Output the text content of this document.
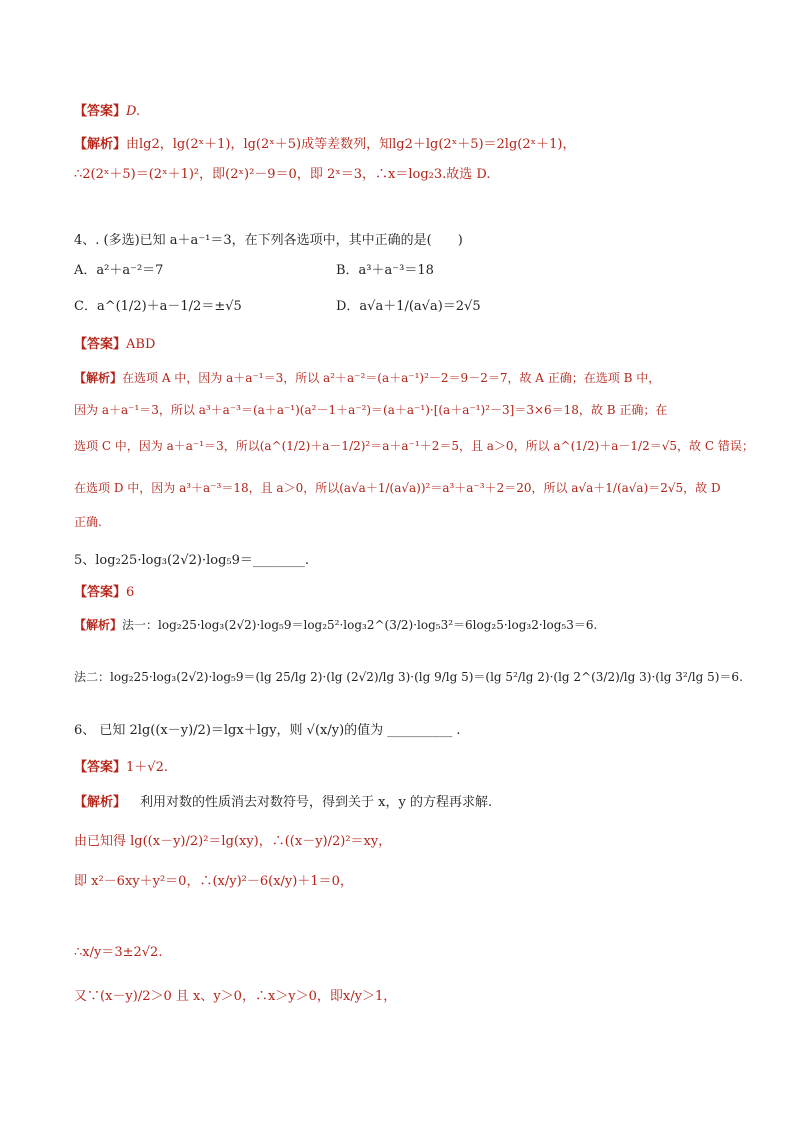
【答案】D.
【解析】由lg2，lg(2ˣ＋1)，lg(2ˣ＋5)成等差数列，知lg2＋lg(2ˣ＋5)＝2lg(2ˣ＋1)，
∴2(2ˣ＋5)＝(2ˣ＋1)²，即(2ˣ)²－9＝0，即 2ˣ＝3，∴x＝log₂3.故选 D.
4、. (多选)已知 a＋a⁻¹＝3，在下列各选项中，其中正确的是(　　)
A．a²＋a⁻²＝7	B．a³＋a⁻³＝18
C．a^(1/2)＋a－1/2＝±√5	D．a√a＋1/(a√a)＝2√5
【答案】ABD
【解析】在选项 A 中，因为 a＋a⁻¹＝3，所以 a²＋a⁻²＝(a＋a⁻¹)²－2＝9－2＝7，故 A 正确；在选项 B 中，
因为 a＋a⁻¹＝3，所以 a³＋a⁻³＝(a＋a⁻¹)(a²－1＋a⁻²)＝(a＋a⁻¹)·[(a＋a⁻¹)²－3]＝3×6＝18，故 B 正确；在
选项 C 中，因为 a＋a⁻¹＝3，所以(a^(1/2)＋a－1/2)²＝a＋a⁻¹＋2＝5，且 a＞0，所以 a^(1/2)＋a－1/2＝√5，故 C 错误；
在选项 D 中，因为 a³＋a⁻³＝18，且 a＞0，所以(a√a＋1/(a√a))²＝a³＋a⁻³＋2＝20，所以 a√a＋1/(a√a)＝2√5，故 D
正确.
5、log₂25·log₃(2√2)·log₅9＝________.
【答案】6
【解析】法一：log₂25·log₃(2√2)·log₅9＝log₂5²·log₃2^(3/2)·log₅3²＝6log₂5·log₃2·log₅3＝6.
法二：log₂25·log₃(2√2)·log₅9＝(lg 25/lg 2)·(lg (2√2)/lg 3)·(lg 9/lg 5)＝(lg 5²/lg 2)·(lg 2^(3/2)/lg 3)·(lg 3²/lg 5)＝6.
6、 已知 2lg((x－y)/2)＝lgx＋lgy，则 √(x/y)的值为 __________ .
【答案】1＋√2.
【解析】 利用对数的性质消去对数符号，得到关于 x，y 的方程再求解.
由已知得 lg((x－y)/2)²＝lg(xy)，∴((x－y)/2)²＝xy，
即 x²－6xy＋y²＝0，∴(x/y)²－6(x/y)＋1＝0，
∴x/y＝3±2√2.
又∵(x－y)/2＞0 且 x、y＞0，∴x＞y＞0，即x/y＞1，
